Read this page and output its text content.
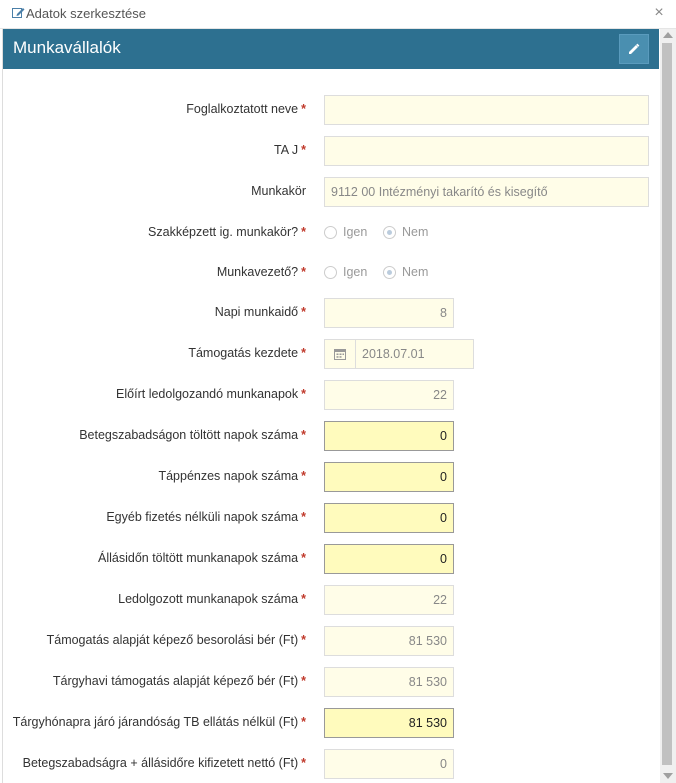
Adatok szerkesztése	×
Munkavállalók
Foglalkoztatott neve *
TA J *
Munkakör	9112 00 Intézményi takarító és kisegítő
Szakképzett ig. munkakör? *	Igen	Nem
Munkavezető? *	Igen	Nem
Napi munkaidő *	8
Támogatás kezdete *	2018.07.01
Előírt ledolgozandó munkanapok *	22
Betegszabadságon töltött napok száma *	0
Táppénzes napok száma *	0
Egyéb fizetés nélküli napok száma *	0
Állásidőn töltött munkanapok száma *	0
Ledolgozott munkanapok száma *	22
Támogatás alapját képező besorolási bér (Ft) *	81 530
Tárgyhavi támogatás alapját képező bér (Ft) *	81 530
Tárgyhónapra járó járandóság TB ellátás nélkül (Ft) *	81 530
Betegszabadságra + állásidőre kifizetett nettó (Ft) *	0
